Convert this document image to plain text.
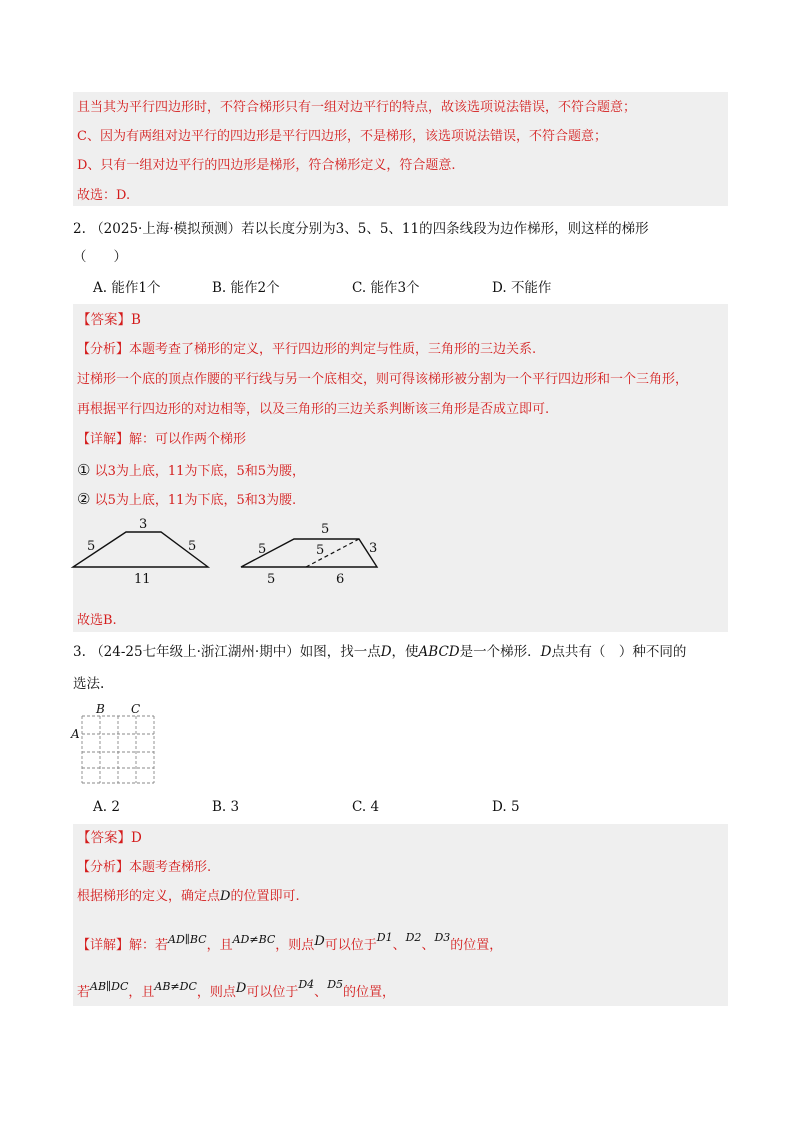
且当其为平行四边形时，不符合梯形只有一组对边平行的特点，故该选项说法错误，不符合题意；
C、因为有两组对边平行的四边形是平行四边形，不是梯形，该选项说法错误，不符合题意；
D、只有一组对边平行的四边形是梯形，符合梯形定义，符合题意.
故选：D.
2. （2025·上海·模拟预测）若以长度分别为3、5、5、11的四条线段为边作梯形，则这样的梯形
（　　）
A. 能作1个	B. 能作2个	C. 能作3个	D. 不能作
【答案】B
【分析】本题考查了梯形的定义，平行四边形的判定与性质，三角形的三边关系.
过梯形一个底的顶点作腰的平行线与另一个底相交，则可得该梯形被分割为一个平行四边形和一个三角形，
再根据平行四边形的对边相等，以及三角形的三边关系判断该三角形是否成立即可.
【详解】解：可以作两个梯形
① 以3为上底，11为下底，5和5为腰，
② 以5为上底，11为下底，5和3为腰.
3
5	5
11
5
5	5	3
5	6
故选B.
3. （24-25七年级上·浙江湖州·期中）如图，找一点D，使ABCD是一个梯形．D点共有（　）种不同的
选法.
B C
A
A. 2	B. 3	C. 4	D. 5
【答案】D
【分析】本题考查梯形.
根据梯形的定义，确定点D的位置即可.
【详解】解：若$^{AD\parallel BC}$，且$^{AD\ne BC}$，则点D可以位于$^{D1}$、$^{D2}$、$^{D3}$的位置，
若$^{AB\parallel DC}$，且$^{AB\ne DC}$，则点D可以位于$^{D4}$、$^{D5}$的位置，
